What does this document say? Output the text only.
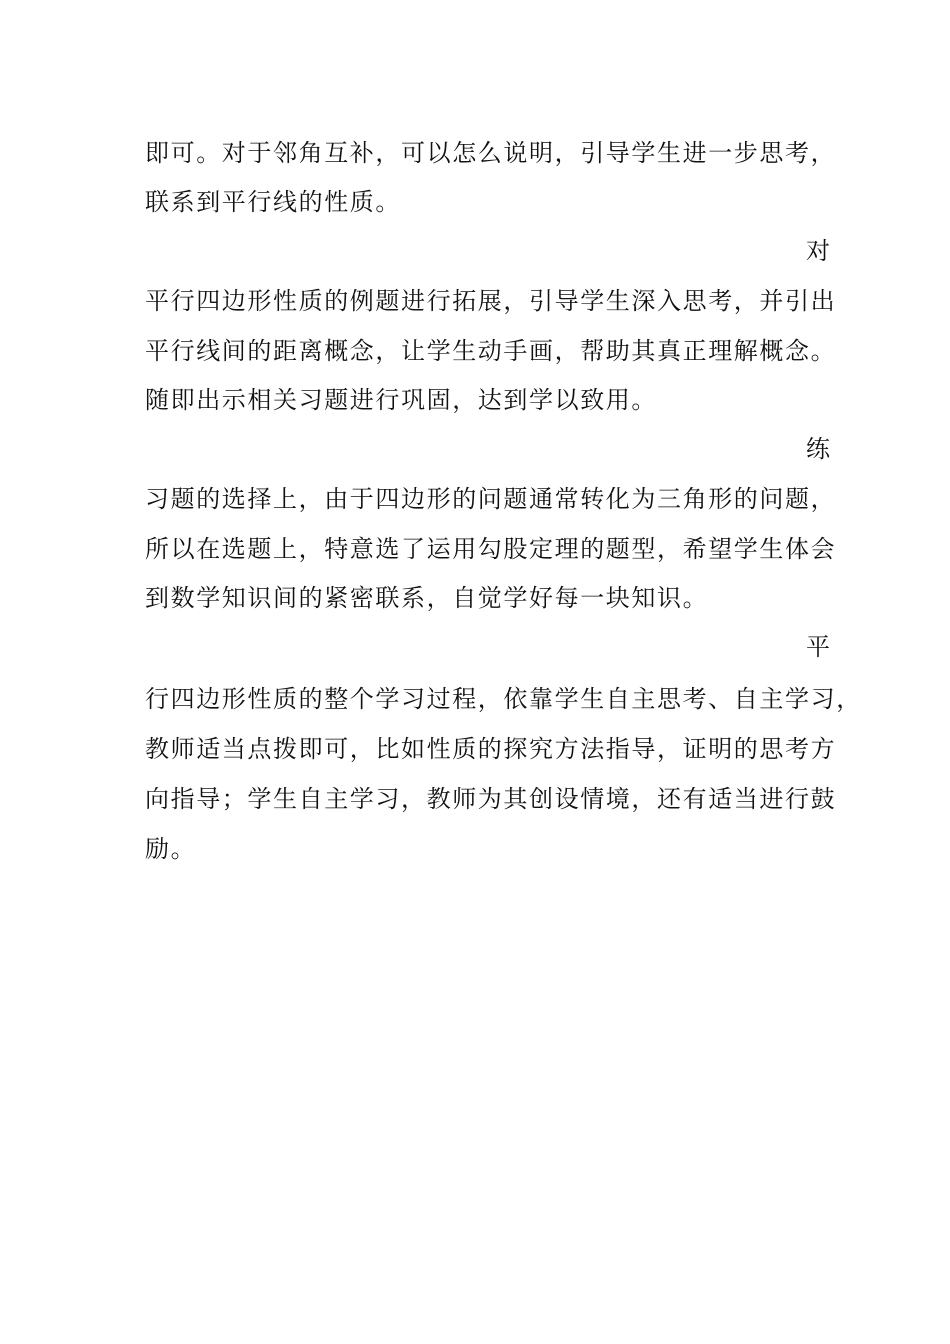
即可。对于邻角互补，可以怎么说明，引导学生进一步思考，
联系到平行线的性质。
对
平行四边形性质的例题进行拓展，引导学生深入思考，并引出
平行线间的距离概念，让学生动手画，帮助其真正理解概念。
随即出示相关习题进行巩固，达到学以致用。
练
习题的选择上，由于四边形的问题通常转化为三角形的问题，
所以在选题上，特意选了运用勾股定理的题型，希望学生体会
到数学知识间的紧密联系，自觉学好每一块知识。
平
行四边形性质的整个学习过程，依靠学生自主思考、自主学习，
教师适当点拨即可，比如性质的探究方法指导，证明的思考方
向指导；学生自主学习，教师为其创设情境，还有适当进行鼓
励。
